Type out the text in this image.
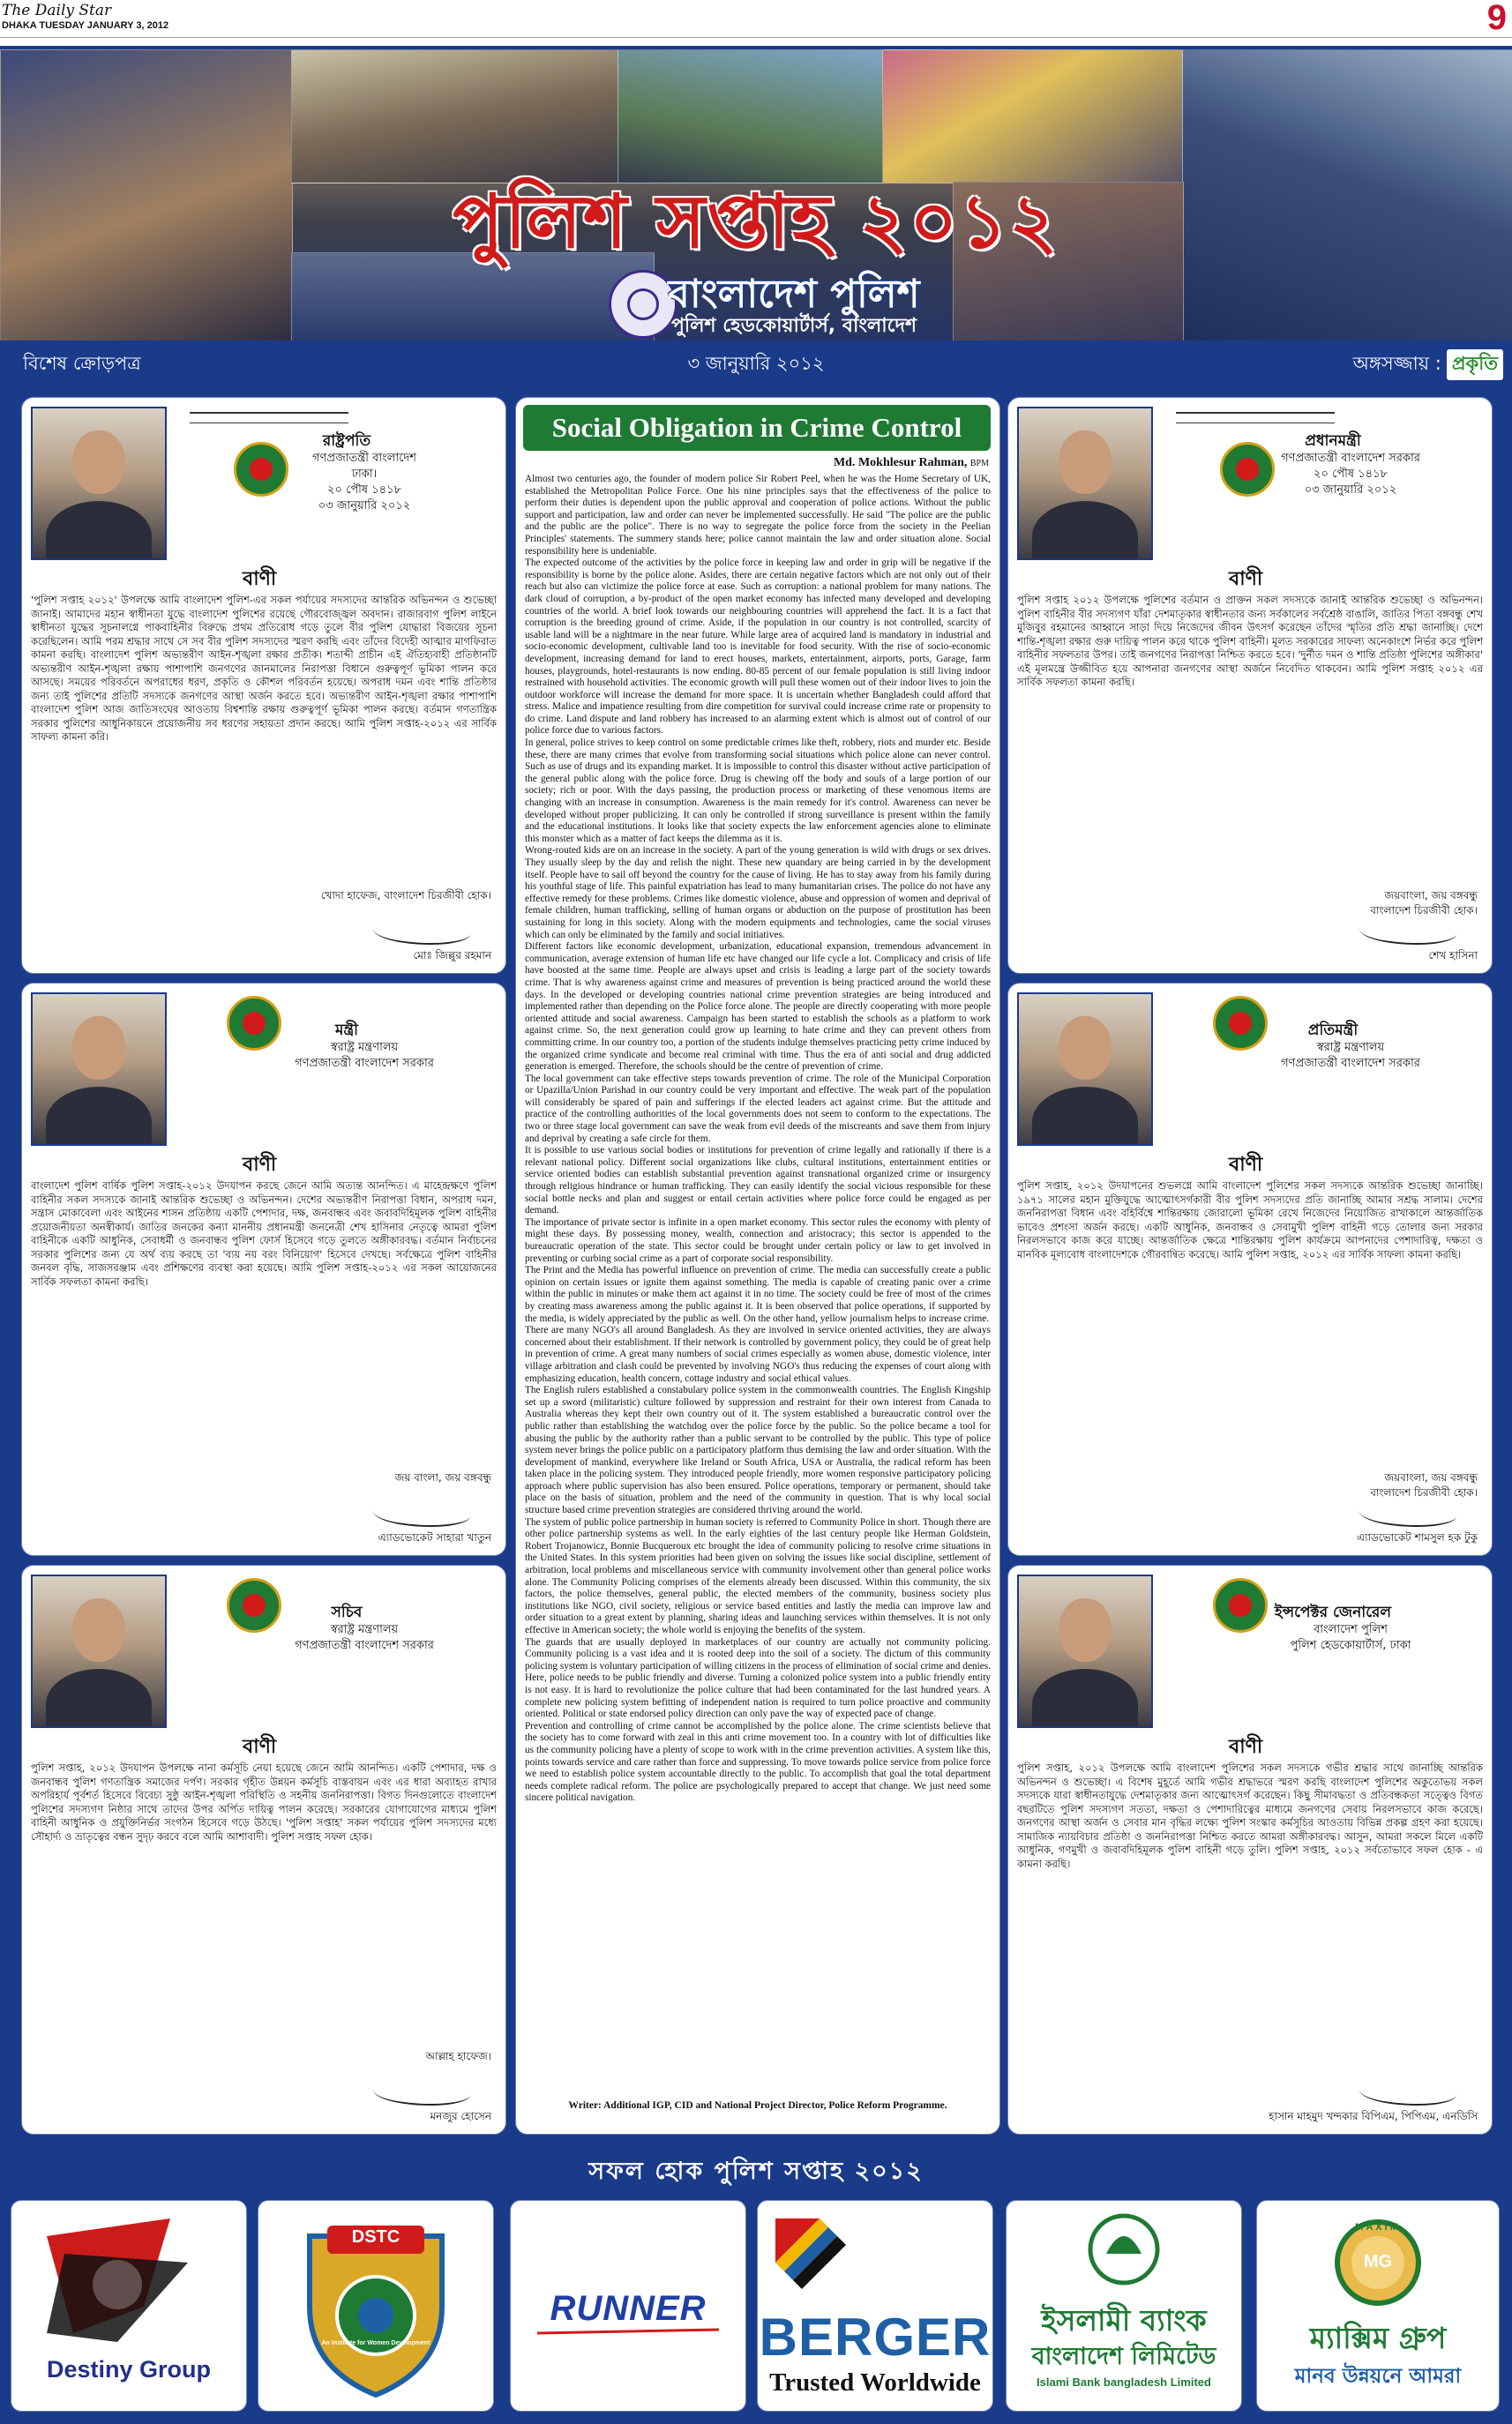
The Daily Star
DHAKA TUESDAY JANUARY 3, 2012	9
পুলিশ সপ্তাহ ২০১২
বাংলাদেশ পুলিশ
পুলিশ হেডকোয়ার্টার্স, বাংলাদেশ
বিশেষ ক্রোড়পত্র	৩ জানুয়ারি ২০১২	অঙ্গসজ্জায় : প্রকৃতি
রাষ্ট্রপতি
গণপ্রজাতন্ত্রী বাংলাদেশ
ঢাকা।
২০ পৌষ ১৪১৮
০৩ জানুয়ারি ২০১২
বাণী
'পুলিশ সপ্তাহ ২০১২' উপলক্ষে আমি বাংলাদেশ পুলিশ-এর সকল পর্যায়ের সদস্যদের আন্তরিক অভিনন্দন ও শুভেচ্ছা জানাই। আমাদের মহান স্বাধীনতা যুদ্ধে বাংলাদেশ পুলিশের রয়েছে গৌরবোজ্জ্বল অবদান। রাজারবাগ পুলিশ লাইনে স্বাধীনতা যুদ্ধের সূচনালগ্নে পাকবাহিনীর বিরুদ্ধে প্রথম প্রতিরোধ গড়ে তুলে বীর পুলিশ যোদ্ধারা বিজয়ের সূচনা করেছিলেন। আমি পরম শ্রদ্ধার সাথে সে সব বীর পুলিশ সদস্যদের স্মরণ করছি এবং তাঁদের বিদেহী আত্মার মাগফিরাত কামনা করছি। বাংলাদেশ পুলিশ অভ্যন্তরীণ আইন-শৃঙ্খলা রক্ষার প্রতীক। শতাব্দী প্রাচীন এই ঐতিহ্যবাহী প্রতিষ্ঠানটি অভ্যন্তরীণ আইন-শৃঙ্খলা রক্ষায় পাশাপাশি জনগণের জানমালের নিরাপত্তা বিধানে গুরুত্বপূর্ণ ভূমিকা পালন করে আসছে। সময়ের পরিবর্তনে অপরাধের ধরণ, প্রকৃতি ও কৌশল পরিবর্তন হয়েছে। অপরাধ দমন এবং শান্তি প্রতিষ্ঠার জন্য তাই পুলিশের প্রতিটি সদস্যকে জনগণের আস্থা অর্জন করতে হবে। অভ্যন্তরীণ আইন-শৃঙ্খলা রক্ষার পাশাপাশি বাংলাদেশ পুলিশ আজ জাতিসংঘের আওতায় বিশ্বশান্তি রক্ষায় গুরুত্বপূর্ণ ভূমিকা পালন করছে। বর্তমান গণতান্ত্রিক সরকার পুলিশের আধুনিকায়নে প্রয়োজনীয় সব ধরণের সহায়তা প্রদান করছে। আমি পুলিশ সপ্তাহ-২০১২ এর সার্বিক সাফল্য কামনা করি।
খোদা হাফেজ, বাংলাদেশ চিরজীবী হোক।
মোঃ জিল্লুর রহমান
প্রধানমন্ত্রী
গণপ্রজাতন্ত্রী বাংলাদেশ সরকার
২০ পৌষ ১৪১৮
০৩ জানুয়ারি ২০১২
বাণী
পুলিশ সপ্তাহ ২০১২ উপলক্ষে পুলিশের বর্তমান ও প্রাক্তন সকল সদস্যকে জানাই আন্তরিক শুভেচ্ছা ও অভিনন্দন। পুলিশ বাহিনীর বীর সদস্যগণ যাঁরা দেশমাতৃকার স্বাধীনতার জন্য সর্বকালের সর্বশ্রেষ্ঠ বাঙালি, জাতির পিতা বঙ্গবন্ধু শেখ মুজিবুর রহমানের আহ্বানে সাড়া দিয়ে নিজেদের জীবন উৎসর্গ করেছেন তাঁদের স্মৃতির প্রতি শ্রদ্ধা জানাচ্ছি। দেশে শান্তি-শৃঙ্খলা রক্ষার গুরু দায়িত্ব পালন করে থাকে পুলিশ বাহিনী। মূলত সরকারের সাফল্য অনেকাংশে নির্ভর করে পুলিশ বাহিনীর সফলতার উপর। তাই জনগণের নিরাপত্তা নিশ্চিত করতে হবে। 'দুর্নীত দমন ও শান্তি প্রতিষ্ঠা পুলিশের অঙ্গীকার' এই মূলমন্ত্রে উজ্জীবিত হয়ে আপনারা জনগণের আস্থা অর্জনে নিবেদিত থাকবেন। আমি পুলিশ সপ্তাহ ২০১২ এর সার্বিক সফলতা কামনা করছি।
জয়বাংলা, জয় বঙ্গবন্ধু
বাংলাদেশ চিরজীবী হোক।
শেখ হাসিনা
মন্ত্রী
স্বরাষ্ট্র মন্ত্রণালয়
গণপ্রজাতন্ত্রী বাংলাদেশ সরকার
বাণী
বাংলাদেশ পুলিশ বার্ষিক পুলিশ সপ্তাহ-২০১২ উদযাপন করছে জেনে আমি অত্যন্ত আনন্দিত। এ মাহেন্দ্রক্ষণে পুলিশ বাহিনীর সকল সদস্যকে জানাই আন্তরিক শুভেচ্ছা ও অভিনন্দন। দেশের অভ্যন্তরীণ নিরাপত্তা বিধান, অপরাধ দমন, সন্ত্রাস মোকাবেলা এবং আইনের শাসন প্রতিষ্ঠায় একটি পেশাদার, দক্ষ, জনবান্ধব এবং জবাবদিহিমূলক পুলিশ বাহিনীর প্রয়োজনীয়তা অনস্বীকার্য। জাতির জনকের কন্যা মাননীয় প্রধানমন্ত্রী জননেত্রী শেখ হাসিনার নেতৃত্বে আমরা পুলিশ বাহিনীকে একটি আধুনিক, সেবাধর্মী ও জনবান্ধব পুলিশ ফোর্স হিসেবে গড়ে তুলতে অঙ্গীকারবদ্ধ। বর্তমান নির্বাচনের সরকার পুলিশের জন্য যে অর্থ ব্যয় করছে তা 'ব্যয় নয় বরং বিনিয়োগ' হিসেবে দেখছে। সর্বক্ষেত্রে পুলিশ বাহিনীর জনবল বৃদ্ধি, সাজসরঞ্জাম এবং প্রশিক্ষণের ব্যবস্থা করা হয়েছে। আমি পুলিশ সপ্তাহ-২০১২ এর সকল আয়োজনের সার্বিক সফলতা কামনা করছি।
জয় বাংলা, জয় বঙ্গবন্ধু
এ্যাডভোকেট সাহারা খাতুন
প্রতিমন্ত্রী
স্বরাষ্ট্র মন্ত্রণালয়
গণপ্রজাতন্ত্রী বাংলাদেশ সরকার
বাণী
পুলিশ সপ্তাহ, ২০১২ উদযাপনের শুভলগ্নে আমি বাংলাদেশ পুলিশের সকল সদস্যকে আন্তরিক শুভেচ্ছা জানাচ্ছি। ১৯৭১ সালের মহান মুক্তিযুদ্ধে আত্মোৎসর্গকারী বীর পুলিশ সদস্যদের প্রতি জানাচ্ছি আমার সশ্রদ্ধ সালাম। দেশের জননিরাপত্তা বিধান এবং বহির্বিশ্বে শান্তিরক্ষায় জোরালো ভূমিকা রেখে নিজেদের নিয়োজিত রাখাকালে আন্তর্জাতিক ভাবেও প্রশংসা অর্জন করছে। একটি আধুনিক, জনবান্ধব ও সেবামুখী পুলিশ বাহিনী গড়ে তোলার জন্য সরকার নিরলসভাবে কাজ করে যাচ্ছে। আন্তর্জাতিক ক্ষেত্রে শান্তিরক্ষায় পুলিশ কার্যক্রমে আপনাদের পেশাদারিত্ব, দক্ষতা ও মানবিক মূল্যবোধ বাংলাদেশকে গৌরবান্বিত করেছে। আমি পুলিশ সপ্তাহ, ২০১২ এর সার্বিক সাফল্য কামনা করছি।
জয়বাংলা, জয় বঙ্গবন্ধু
বাংলাদেশ চিরজীবী হোক।
এ্যাডভোকেট শামসুল হক টুকু
সচিব
স্বরাষ্ট্র মন্ত্রণালয়
গণপ্রজাতন্ত্রী বাংলাদেশ সরকার
বাণী
পুলিশ সপ্তাহ, ২০১২ উদযাপন উপলক্ষে নানা কর্মসূচি নেয়া হয়েছে জেনে আমি আনন্দিত। একটি পেশাদার, দক্ষ ও জনবান্ধব পুলিশ গণতান্ত্রিক সমাজের দর্পণ। সরকার গৃহীত উন্নয়ন কর্মসূচি বাস্তবায়ন এবং এর ধারা অব্যাহত রাখার অপরিহার্য পূর্বশর্ত হিসেবে বিবেচ্য সুষ্ঠু আইন-শৃঙ্খলা পরিস্থিতি ও সহনীয় জননিরাপত্তা। বিগত দিনগুলোতে বাংলাদেশ পুলিশের সদস্যগণ নিষ্ঠার সাথে তাদের উপর অর্পিত দায়িত্ব পালন করেছে। সরকারের যোগাযোগের মাধ্যমে পুলিশ বাহিনী আধুনিক ও প্রযুক্তিনির্ভর সংগঠন হিসেবে গড়ে উঠছে। 'পুলিশ সপ্তাহ' সকল পর্যায়ের পুলিশ সদস্যদের মধ্যে সৌহার্দ্য ও ভ্রাতৃত্বের বন্ধন সুদৃঢ় করবে বলে আমি আশাবাদী। পুলিশ সপ্তাহ সফল হোক।
আল্লাহ হাফেজ।
মনজুর হোসেন
ইন্সপেক্টর জেনারেল
বাংলাদেশ পুলিশ
পুলিশ হেডকোয়ার্টার্স, ঢাকা
বাণী
পুলিশ সপ্তাহ, ২০১২ উপলক্ষে আমি বাংলাদেশ পুলিশের সকল সদস্যকে গভীর শ্রদ্ধার সাথে জানাচ্ছি আন্তরিক অভিনন্দন ও শুভেচ্ছা। এ বিশেষ মুহূর্তে আমি গভীর শ্রদ্ধাভরে স্মরণ করছি বাংলাদেশ পুলিশের অকুতোভয় সকল সদস্যকে যারা স্বাধীনতাযুদ্ধে দেশমাতৃকার জন্য আত্মোৎসর্গ করেছেন। কিছু সীমাবদ্ধতা ও প্রতিবন্ধকতা সত্ত্বেও বিগত বছরটিতে পুলিশ সদস্যগণ সততা, দক্ষতা ও পেশাদারিত্বের মাধ্যমে জনগণের সেবায় নিরলসভাবে কাজ করেছে। জনগণের আস্থা অর্জন ও সেবার মান বৃদ্ধির লক্ষ্যে পুলিশ সংস্কার কর্মসূচির আওতায় বিভিন্ন প্রকল্প গ্রহণ করা হয়েছে। সামাজিক ন্যায়বিচার প্রতিষ্ঠা ও জননিরাপত্তা নিশ্চিত করতে আমরা অঙ্গীকারবদ্ধ। আসুন, আমরা সকলে মিলে একটি আধুনিক, গণমুখী ও জবাবদিহিমূলক পুলিশ বাহিনী গড়ে তুলি। পুলিশ সপ্তাহ, ২০১২ সর্বতোভাবে সফল হোক - এ কামনা করছি।
হাসান মাহমুদ খন্দকার বিপিএম, পিপিএম, এনডিসি
Social Obligation in Crime Control
Md. Mokhlesur Rahman, BPM

Almost two centuries ago, the founder of modern police Sir Robert Peel, when he was the Home Secretary of UK, established the Metropolitan Police Force. One his nine principles says that the effectiveness of the police to perform their duties is dependent upon the public approval and cooperation of police actions. Without the public support and participation, law and order can never be implemented successfully. He said "The police are the public and the public are the police". There is no way to segregate the police force from the society in the Peelian Principles' statements. The summery stands here; police cannot maintain the law and order situation alone. Social responsibility here is undeniable.

The expected outcome of the activities by the police force in keeping law and order in grip will be negative if the responsibility is borne by the police alone. Asides, there are certain negative factors which are not only out of their reach but also can victimize the police force at ease. Such as corruption: a national problem for many nations. The dark cloud of corruption, a by-product of the open market economy has infected many developed and developing countries of the world. A brief look towards our neighbouring countries will apprehend the fact. It is a fact that corruption is the breeding ground of crime. Aside, if the population in our country is not controlled, scarcity of usable land will be a nightmare in the near future. While large area of acquired land is mandatory in industrial and socio-economic development, cultivable land too is inevitable for food security. With the rise of socio-economic development, increasing demand for land to erect houses, markets, entertainment, airports, ports, Garage, farm houses, playgrounds, hotel-restaurants is now ending. 80-85 percent of our female population is still living indoor restrained with household activities. The economic growth will pull these women out of their indoor lives to join the outdoor workforce will increase the demand for more space. It is uncertain whether Bangladesh could afford that stress. Malice and impatience resulting from dire competition for survival could increase crime rate or propensity to do crime. Land dispute and land robbery has increased to an alarming extent which is almost out of control of our police force due to various factors.

In general, police strives to keep control on some predictable crimes like theft, robbery, riots and murder etc. Beside these, there are many crimes that evolve from transforming social situations which police alone can never control. Such as use of drugs and its expanding market. It is impossible to control this disaster without active participation of the general public along with the police force. Drug is chewing off the body and souls of a large portion of our society; rich or poor. With the days passing, the production process or marketing of these venomous items are changing with an increase in consumption. Awareness is the main remedy for it's control. Awareness can never be developed without proper publicizing. It can only be controlled if strong surveillance is present within the family and the educational institutions. It looks like that society expects the law enforcement agencies alone to eliminate this monster which as a matter of fact keeps the dilemma as it is.

Wrong-routed kids are on an increase in the society. A part of the young generation is wild with drugs or sex drives. They usually sleep by the day and relish the night. These new quandary are being carried in by the development itself. People have to sail off beyond the country for the cause of living. He has to stay away from his family during his youthful stage of life. This painful expatriation has lead to many humanitarian crises. The police do not have any effective remedy for these problems. Crimes like domestic violence, abuse and oppression of women and deprival of female children, human trafficking, selling of human organs or abduction on the purpose of prostitution has been sustaining for long in this society. Along with the modern equipments and technologies, came the social viruses which can only be eliminated by the family and social initiatives.

Different factors like economic development, urbanization, educational expansion, tremendous advancement in communication, average extension of human life etc have changed our life cycle a lot. Complicacy and crisis of life have boosted at the same time. People are always upset and crisis is leading a large part of the society towards crime. That is why awareness against crime and measures of prevention is being practiced around the world these days. In the developed or developing countries national crime prevention strategies are being introduced and implemented rather than depending on the Police force alone. The people are directly cooperating with more people oriented attitude and social awareness. Campaign has been started to establish the schools as a platform to work against crime. So, the next generation could grow up learning to hate crime and they can prevent others from committing crime. In our country too, a portion of the students indulge themselves practicing petty crime induced by the organized crime syndicate and become real criminal with time. Thus the era of anti social and drug addicted generation is emerged. Therefore, the schools should be the centre of prevention of crime.

The local government can take effective steps towards prevention of crime. The role of the Municipal Corporation or Upazilla/Union Parishad in our country could be very important and effective. The weak part of the population will considerably be spared of pain and sufferings if the elected leaders act against crime. But the attitude and practice of the controlling authorities of the local governments does not seem to conform to the expectations. The two or three stage local government can save the weak from evil deeds of the miscreants and save them from injury and deprival by creating a safe circle for them.

It is possible to use various social bodies or institutions for prevention of crime legally and rationally if there is a relevant national policy. Different social organizations like clubs, cultural institutions, entertainment entities or service oriented bodies can establish substantial prevention against transnational organized crime or insurgency through religious hindrance or human trafficking. They can easily identify the social vicious responsible for these social bottle necks and plan and suggest or entail certain activities where police force could be engaged as per demand.

The importance of private sector is infinite in a open market economy. This sector rules the economy with plenty of might these days. By possessing money, wealth, connection and aristocracy; this sector is appended to the bureaucratic operation of the state. This sector could be brought under certain policy or law to get involved in preventing or curbing social crime as a part of corporate social responsibility.

The Print and the Media has powerful influence on prevention of crime. The media can successfully create a public opinion on certain issues or ignite them against something. The media is capable of creating panic over a crime within the public in minutes or make them act against it in no time. The society could be free of most of the crimes by creating mass awareness among the public against it. It is been observed that police operations, if supported by the media, is widely appreciated by the public as well. On the other hand, yellow journalism helps to increase crime.

There are many NGO's all around Bangladesh. As they are involved in service oriented activities, they are always concerned about their establishment. If their network is controlled by government policy, they could be of great help in prevention of crime. A great many numbers of social crimes especially as women abuse, domestic violence, inter village arbitration and clash could be prevented by involving NGO's thus reducing the expenses of court along with emphasizing education, health concern, cottage industry and social ethical values.

The English rulers established a constabulary police system in the commonwealth countries. The English Kingship set up a sword (militaristic) culture followed by suppression and restraint for their own interest from Canada to Australia whereas they kept their own country out of it. The system established a bureaucratic control over the public rather than establishing the watchdog over the police force by the public. So the police became a tool for abusing the public by the authority rather than a public servant to be controlled by the public. This type of police system never brings the police public on a participatory platform thus demising the law and order situation. With the development of mankind, everywhere like Ireland or South Africa, USA or Australia, the radical reform has been taken place in the policing system. They introduced people friendly, more women responsive participatory policing approach where public supervision has also been ensured. Police operations, temporary or permanent, should take place on the basis of situation, problem and the need of the community in question. That is why local social structure based crime prevention strategies are considered thriving around the world.

The system of public police partnership in human society is referred to Community Police in short. Though there are other police partnership systems as well. In the early eighties of the last century people like Herman Goldstein, Robert Trojanowicz, Bonnie Bucqueroux etc brought the idea of community policing to resolve crime situations in the United States. In this system priorities had been given on solving the issues like social discipline, settlement of arbitration, local problems and miscellaneous service with community involvement other than general police works alone. The Community Policing comprises of the elements already been discussed. Within this community, the six factors, the police themselves, general public, the elected members of the community, business society plus institutions like NGO, civil society, religious or service based entities and lastly the media can improve law and order situation to a great extent by planning, sharing ideas and launching services within themselves. It is not only effective in American society; the whole world is enjoying the benefits of the system.

The guards that are usually deployed in marketplaces of our country are actually not community policing. Community policing is a vast idea and it is rooted deep into the soil of a society. The dictum of this community policing system is voluntary participation of willing citizens in the process of elimination of social crime and denies. Here, police needs to be public friendly and diverse. Turning a colonized police system into a public friendly entity is not easy. It is hard to revolutionize the police culture that had been contaminated for the last hundred years. A complete new policing system befitting of independent nation is required to turn police proactive and community oriented. Political or state endorsed policy direction can only pave the way of expected pace of change.

Prevention and controlling of crime cannot be accomplished by the police alone. The crime scientists believe that the society has to come forward with zeal in this anti crime movement too. In a country with lot of difficulties like us the community policing have a plenty of scope to work with in the crime prevention activities. A system like this, points towards service and care rather than force and suppressing. To move towards police service from police force we need to establish police system accountable directly to the public. To accomplish that goal the total department needs complete radical reform. The police are psychologically prepared to accept that change. We just need some sincere political navigation.

Writer: Additional IGP, CID and National Project Director, Police Reform Programme.
সফল হোক পুলিশ সপ্তাহ ২০১২
Destiny Group
DSTC
An Institute for Women Development
RUNNER	BERGER
Trusted Worldwide
ইসলামী ব্যাংক
বাংলাদেশ লিমিটেড
Islami Bank bangladesh Limited
MAXIM
MG
ম্যাক্সিম গ্রুপ
মানব উন্নয়নে আমরা
